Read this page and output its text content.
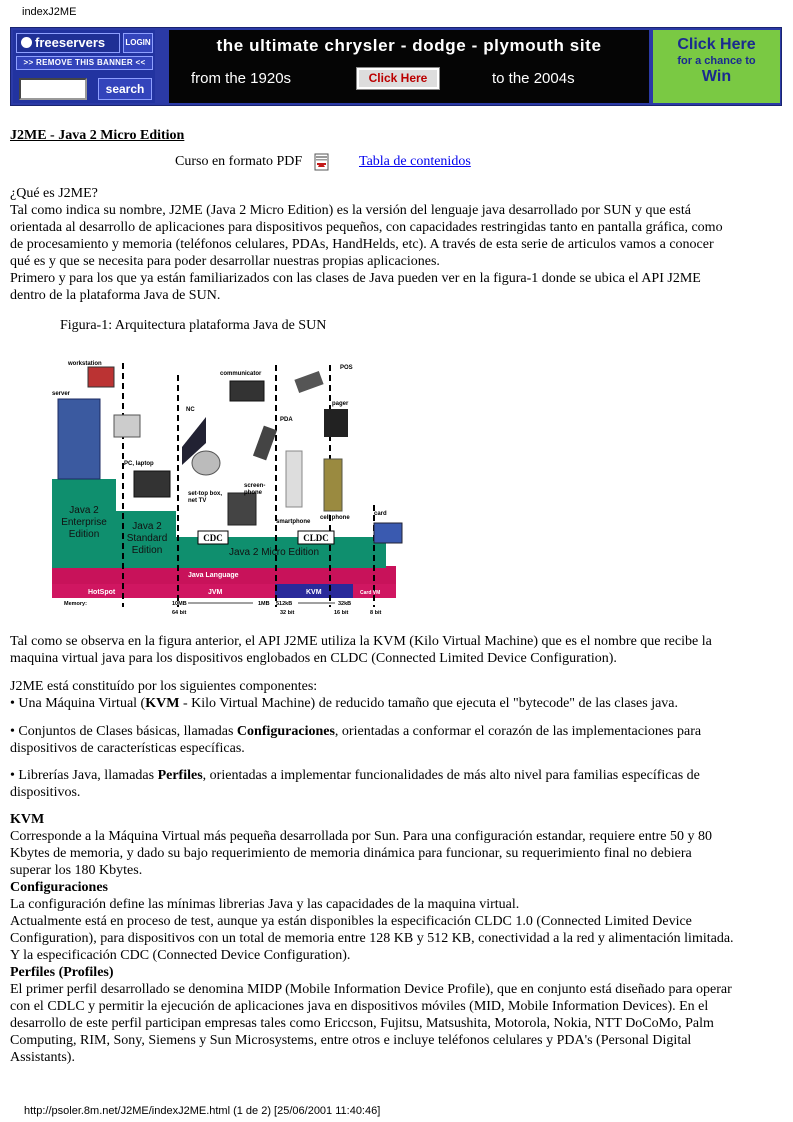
indexJ2ME
freeservers	LOGIN
>> REMOVE THIS BANNER <<
search
the ultimate chrysler - dodge - plymouth site
from the 1920s	Click Here	to the 2004s
Click Here
for a chance to
Win
J2ME - Java 2 Micro Edition
Curso en formato PDF	Tabla de contenidos
¿Qué es J2ME?
Tal como indica su nombre, J2ME (Java 2 Micro Edition) es la versión del lenguaje java desarrollado por SUN y que está
orientada al desarrollo de aplicaciones para dispositivos pequeños, con capacidades restringidas tanto en pantalla gráfica, como
de procesamiento y memoria (teléfonos celulares, PDAs, HandHelds, etc). A través de esta serie de articulos vamos a conocer
qué es y que se necesita para poder desarrollar nuestras propias aplicaciones.
Primero y para los que ya están familiarizados con las clases de Java pueden ver en la figura-1 donde se ubica el API J2ME
dentro de la plataforma Java de SUN.
Figura-1: Arquitectura plataforma Java de SUN
workstation
server
communicator
POS
NC
pager
PC, laptop
PDA
set-top box,
net TV
screen-
phone
smartphone
cell phone
card
Java 2
Enterprise
Edition
Java 2
Standard
Edition	Java 2 Micro Edition
CDC	CLDC
Java Language
HotSpot	JVM	KVM	Card VM
Memory:	10MB
64 bit
1MB 512kB
32 bit
32kB
16 bit	8 bit
Tal como se observa en la figura anterior, el API J2ME utiliza la KVM (Kilo Virtual Machine) que es el nombre que recibe la
maquina virtual java para los dispositivos englobados en CLDC (Connected Limited Device Configuration).
J2ME está constituído por los siguientes componentes:
• Una Máquina Virtual (KVM - Kilo Virtual Machine) de reducido tamaño que ejecuta el "bytecode" de las clases java.
• Conjuntos de Clases básicas, llamadas Configuraciones, orientadas a conformar el corazón de las implementaciones para
dispositivos de características específicas.
• Librerías Java, llamadas Perfiles, orientadas a implementar funcionalidades de más alto nivel para familias específicas de
dispositivos.
KVM
Corresponde a la Máquina Virtual más pequeña desarrollada por Sun. Para una configuración estandar, requiere entre 50 y 80
Kbytes de memoria, y dado su bajo requerimiento de memoria dinámica para funcionar, su requerimiento final no debiera
superar los 180 Kbytes.
Configuraciones
La configuración define las mínimas librerias Java y las capacidades de la maquina virtual.
Actualmente está en proceso de test, aunque ya están disponibles la especificación CLDC 1.0 (Connected Limited Device
Configuration), para dispositivos con un total de memoria entre 128 KB y 512 KB, conectividad a la red y alimentación limitada.
Y la especificación CDC (Connected Device Configuration).
Perfiles (Profiles)
El primer perfil desarrollado se denomina MIDP (Mobile Information Device Profile), que en conjunto está diseñado para operar
con el CDLC y permitir la ejecución de aplicaciones java en dispositivos móviles (MID, Mobile Information Devices). En el
desarrollo de este perfil participan empresas tales como Ericcson, Fujitsu, Matsushita, Motorola, Nokia, NTT DoCoMo, Palm
Computing, RIM, Sony, Siemens y Sun Microsystems, entre otros e incluye teléfonos celulares y PDA's (Personal Digital
Assistants).
http://psoler.8m.net/J2ME/indexJ2ME.html (1 de 2) [25/06/2001 11:40:46]
